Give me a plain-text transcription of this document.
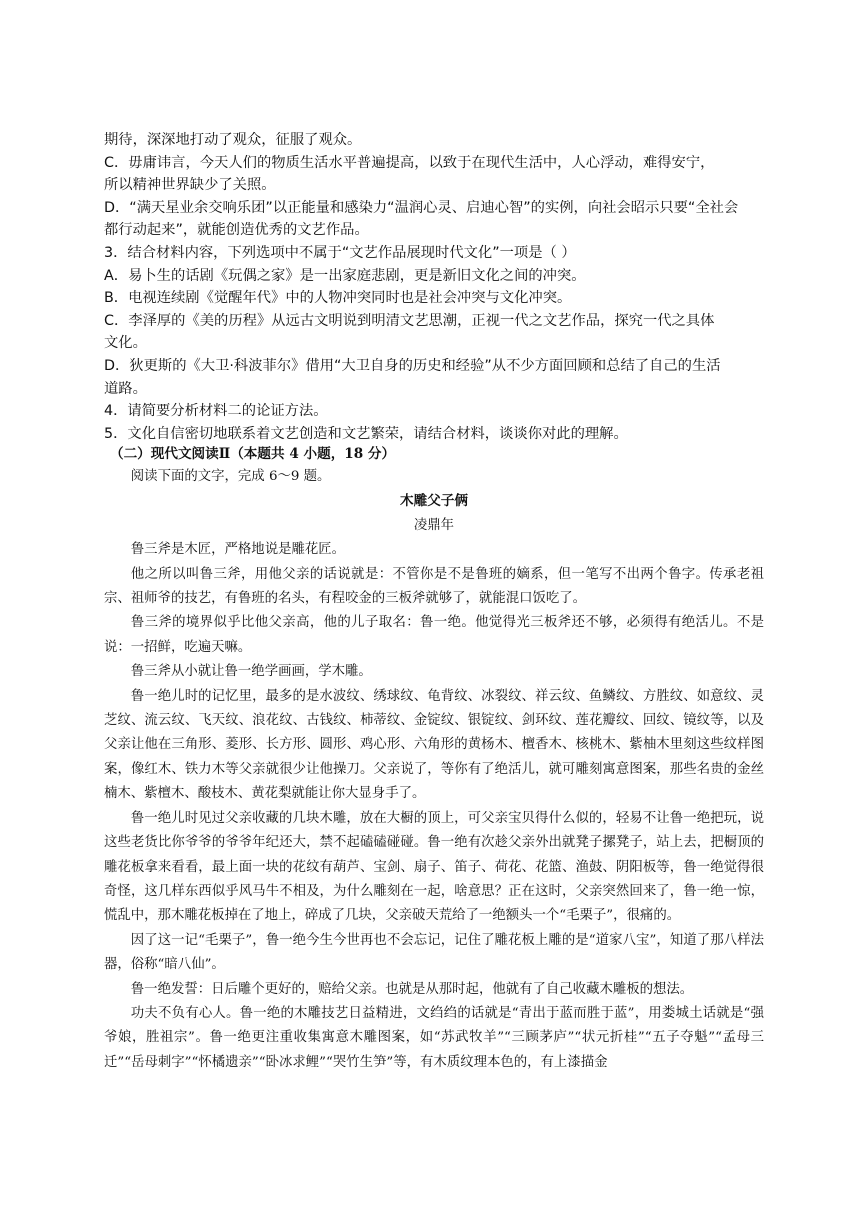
期待，深深地打动了观众，征服了观众。

C．毋庸讳言，今天人们的物质生活水平普遍提高，以致于在现代生活中，人心浮动，难得安宁，

所以精神世界缺少了关照。

D．“满天星业余交响乐团”以正能量和感染力“温润心灵、启迪心智”的实例，向社会昭示只要“全社会

都行动起来”，就能创造优秀的文艺作品。

3．结合材料内容，下列选项中不属于“文艺作品展现时代文化”一项是（ ）

A．易卜生的话剧《玩偶之家》是一出家庭悲剧，更是新旧文化之间的冲突。

B．电视连续剧《觉醒年代》中的人物冲突同时也是社会冲突与文化冲突。

C．李泽厚的《美的历程》从远古文明说到明清文艺思潮，正视一代之文艺作品，探究一代之具体

文化。

D．狄更斯的《大卫·科波菲尔》借用“大卫自身的历史和经验”从不少方面回顾和总结了自己的生活

道路。

4．请简要分析材料二的论证方法。

5．文化自信密切地联系着文艺创造和文艺繁荣，请结合材料，谈谈你对此的理解。

（二）现代文阅读Ⅱ（本题共 4 小题，18 分）

阅读下面的文字，完成 6～9 题。

木雕父子俩

凌鼎年

鲁三斧是木匠，严格地说是雕花匠。

他之所以叫鲁三斧，用他父亲的话说就是：不管你是不是鲁班的嫡系，但一笔写不出两个鲁字。传承老祖宗、祖师爷的技艺，有鲁班的名头，有程咬金的三板斧就够了，就能混口饭吃了。

鲁三斧的境界似乎比他父亲高，他的儿子取名：鲁一绝。他觉得光三板斧还不够，必须得有绝活儿。不是说：一招鲜，吃遍天嘛。

鲁三斧从小就让鲁一绝学画画，学木雕。

鲁一绝儿时的记忆里，最多的是水波纹、绣球纹、龟背纹、冰裂纹、祥云纹、鱼鳞纹、方胜纹、如意纹、灵芝纹、流云纹、飞天纹、浪花纹、古钱纹、柿蒂纹、金锭纹、银锭纹、剑环纹、莲花瓣纹、回纹、镜纹等，以及父亲让他在三角形、菱形、长方形、圆形、鸡心形、六角形的黄杨木、檀香木、核桃木、紫柚木里刻这些纹样图案，像红木、铁力木等父亲就很少让他操刀。父亲说了，等你有了绝活儿，就可雕刻寓意图案，那些名贵的金丝楠木、紫檀木、酸枝木、黄花梨就能让你大显身手了。

鲁一绝儿时见过父亲收藏的几块木雕，放在大橱的顶上，可父亲宝贝得什么似的，轻易不让鲁一绝把玩，说这些老货比你爷爷的爷爷年纪还大，禁不起磕磕碰碰。鲁一绝有次趁父亲外出就凳子摞凳子，站上去，把橱顶的雕花板拿来看看，最上面一块的花纹有葫芦、宝剑、扇子、笛子、荷花、花篮、渔鼓、阴阳板等，鲁一绝觉得很奇怪，这几样东西似乎风马牛不相及，为什么雕刻在一起，啥意思？正在这时，父亲突然回来了，鲁一绝一惊，慌乱中，那木雕花板掉在了地上，碎成了几块，父亲破天荒给了一绝额头一个“毛栗子”，很痛的。

因了这一记“毛栗子”，鲁一绝今生今世再也不会忘记，记住了雕花板上雕的是“道家八宝”，知道了那八样法器，俗称“暗八仙”。

鲁一绝发誓：日后雕个更好的，赔给父亲。也就是从那时起，他就有了自己收藏木雕板的想法。

功夫不负有心人。鲁一绝的木雕技艺日益精进，文绉绉的话就是“青出于蓝而胜于蓝”，用娄城土话就是“强爷娘，胜祖宗”。鲁一绝更注重收集寓意木雕图案，如“苏武牧羊”“三顾茅庐”“状元折桂”“五子夺魁”“孟母三迁”“岳母刺字”“怀橘遗亲”“卧冰求鲤”“哭竹生笋”等，有木质纹理本色的，有上漆描金
